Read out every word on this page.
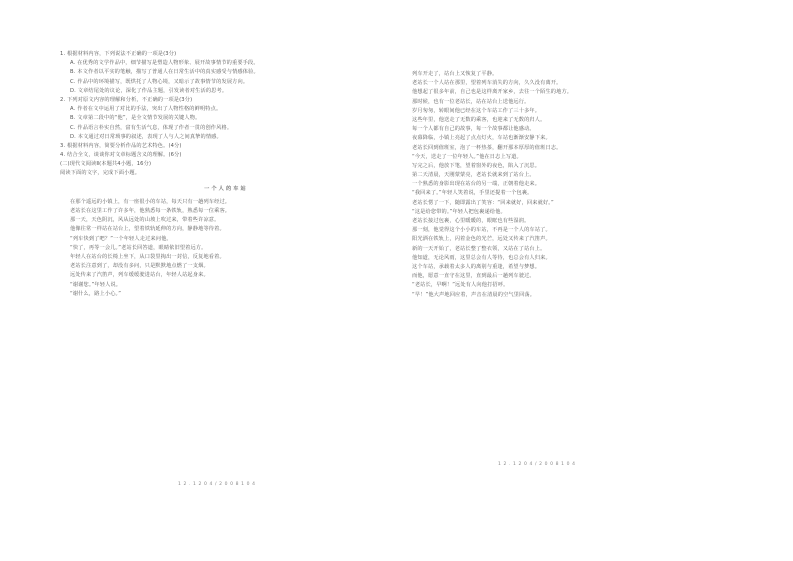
1. 根据材料内容，下列说法不正确的一项是(3分)
A. 在优秀的文学作品中，细节描写是塑造人物形象、展开故事情节的重要手段。
B. 本文作者以平实的笔触，描写了普通人在日常生活中的真实感受与情感体验。
C. 作品中的环境描写，既烘托了人物心境，又暗示了故事情节的发展方向。
D. 文章结尾处的议论，深化了作品主题，引发读者对生活的思考。
2. 下列对原文内容的理解和分析，不正确的一项是(3分)
A. 作者在文中运用了对比的手法，突出了人物性格的鲜明特点。
B. 文章第二段中的“他”，是全文情节发展的关键人物。
C. 作品语言朴实自然，富有生活气息，体现了作者一贯的创作风格。
D. 本文通过对日常琐事的叙述，表现了人与人之间真挚的情感。
3. 根据材料内容，简要分析作品的艺术特色。(4分)
4. 结合全文，谈谈你对文章标题含义的理解。(6分)
(二)现代文阅读Ⅱ(本题共4小题，16分)
阅读下面的文字，完成下面小题。
一 个 人 的 车 站
在那个遥远的小镇上，有一座很小的车站，每天只有一趟列车经过。
老站长在这里工作了许多年，他熟悉每一条铁轨，熟悉每一位乘客。
那一天，天色阴沉，风从远处的山坡上吹过来，带着些许凉意。
他像往常一样站在站台上，望着铁轨延伸的方向，静静地等待着。
“列车快到了吧？”一个年轻人走过来问他。
“快了，再等一会儿。”老站长回答道，眼睛依旧望着远方。
年轻人在站台的长椅上坐下，从口袋里掏出一封信，反复地看着。
老站长注意到了，却没有多问，只是默默地点燃了一支烟。
远处传来了汽笛声，列车缓缓驶进站台，年轻人站起身来。
“谢谢您。”年轻人说。
“谢什么，路上小心。”
列车开走了，站台上又恢复了平静。
老站长一个人站在那里，望着列车消失的方向，久久没有离开。
他想起了很多年前，自己也是这样离开家乡，去往一个陌生的地方。
那时候，也有一位老站长，站在站台上送他远行。
岁月匆匆，转眼间他已经在这个车站工作了三十多年。
这些年里，他送走了无数的乘客，也迎来了无数的归人。
每一个人都有自己的故事，每一个故事都让他感动。
夜幕降临，小镇上亮起了点点灯火，车站也渐渐安静下来。
老站长回到值班室，泡了一杯热茶，翻开那本厚厚的值班日志。
“今天，送走了一位年轻人。”他在日志上写道。
写完之后，他放下笔，望着窗外的夜色，陷入了沉思。
第二天清晨，天刚蒙蒙亮，老站长就来到了站台上。
一个熟悉的身影出现在站台的另一端，正朝着他走来。
“我回来了。”年轻人笑着说，手里还提着一个包裹。
老站长愣了一下，随即露出了笑容：“回来就好，回来就好。”
“这是给您带的。”年轻人把包裹递给他。
老站长接过包裹，心里暖暖的，眼眶也有些湿润。
那一刻，他觉得这个小小的车站，不再是一个人的车站了。
阳光洒在铁轨上，闪着金色的光芒，远处又传来了汽笛声。
新的一天开始了，老站长整了整衣领，又站在了站台上。
他知道，无论风雨，这里总会有人等待，也总会有人归来。
这个车站，承载着太多人的离别与重逢，希望与梦想。
而他，愿意一直守在这里，直到最后一趟列车驶过。
“老站长，早啊！”远处有人向他打招呼。
“早！”他大声地回应着，声音在清晨的空气里回荡。
1 2 . 1 2 0 4 / 2 0 0 8 1 0 4
1 2 . 1 2 0 4 / 2 0 0 8 1 0 4
